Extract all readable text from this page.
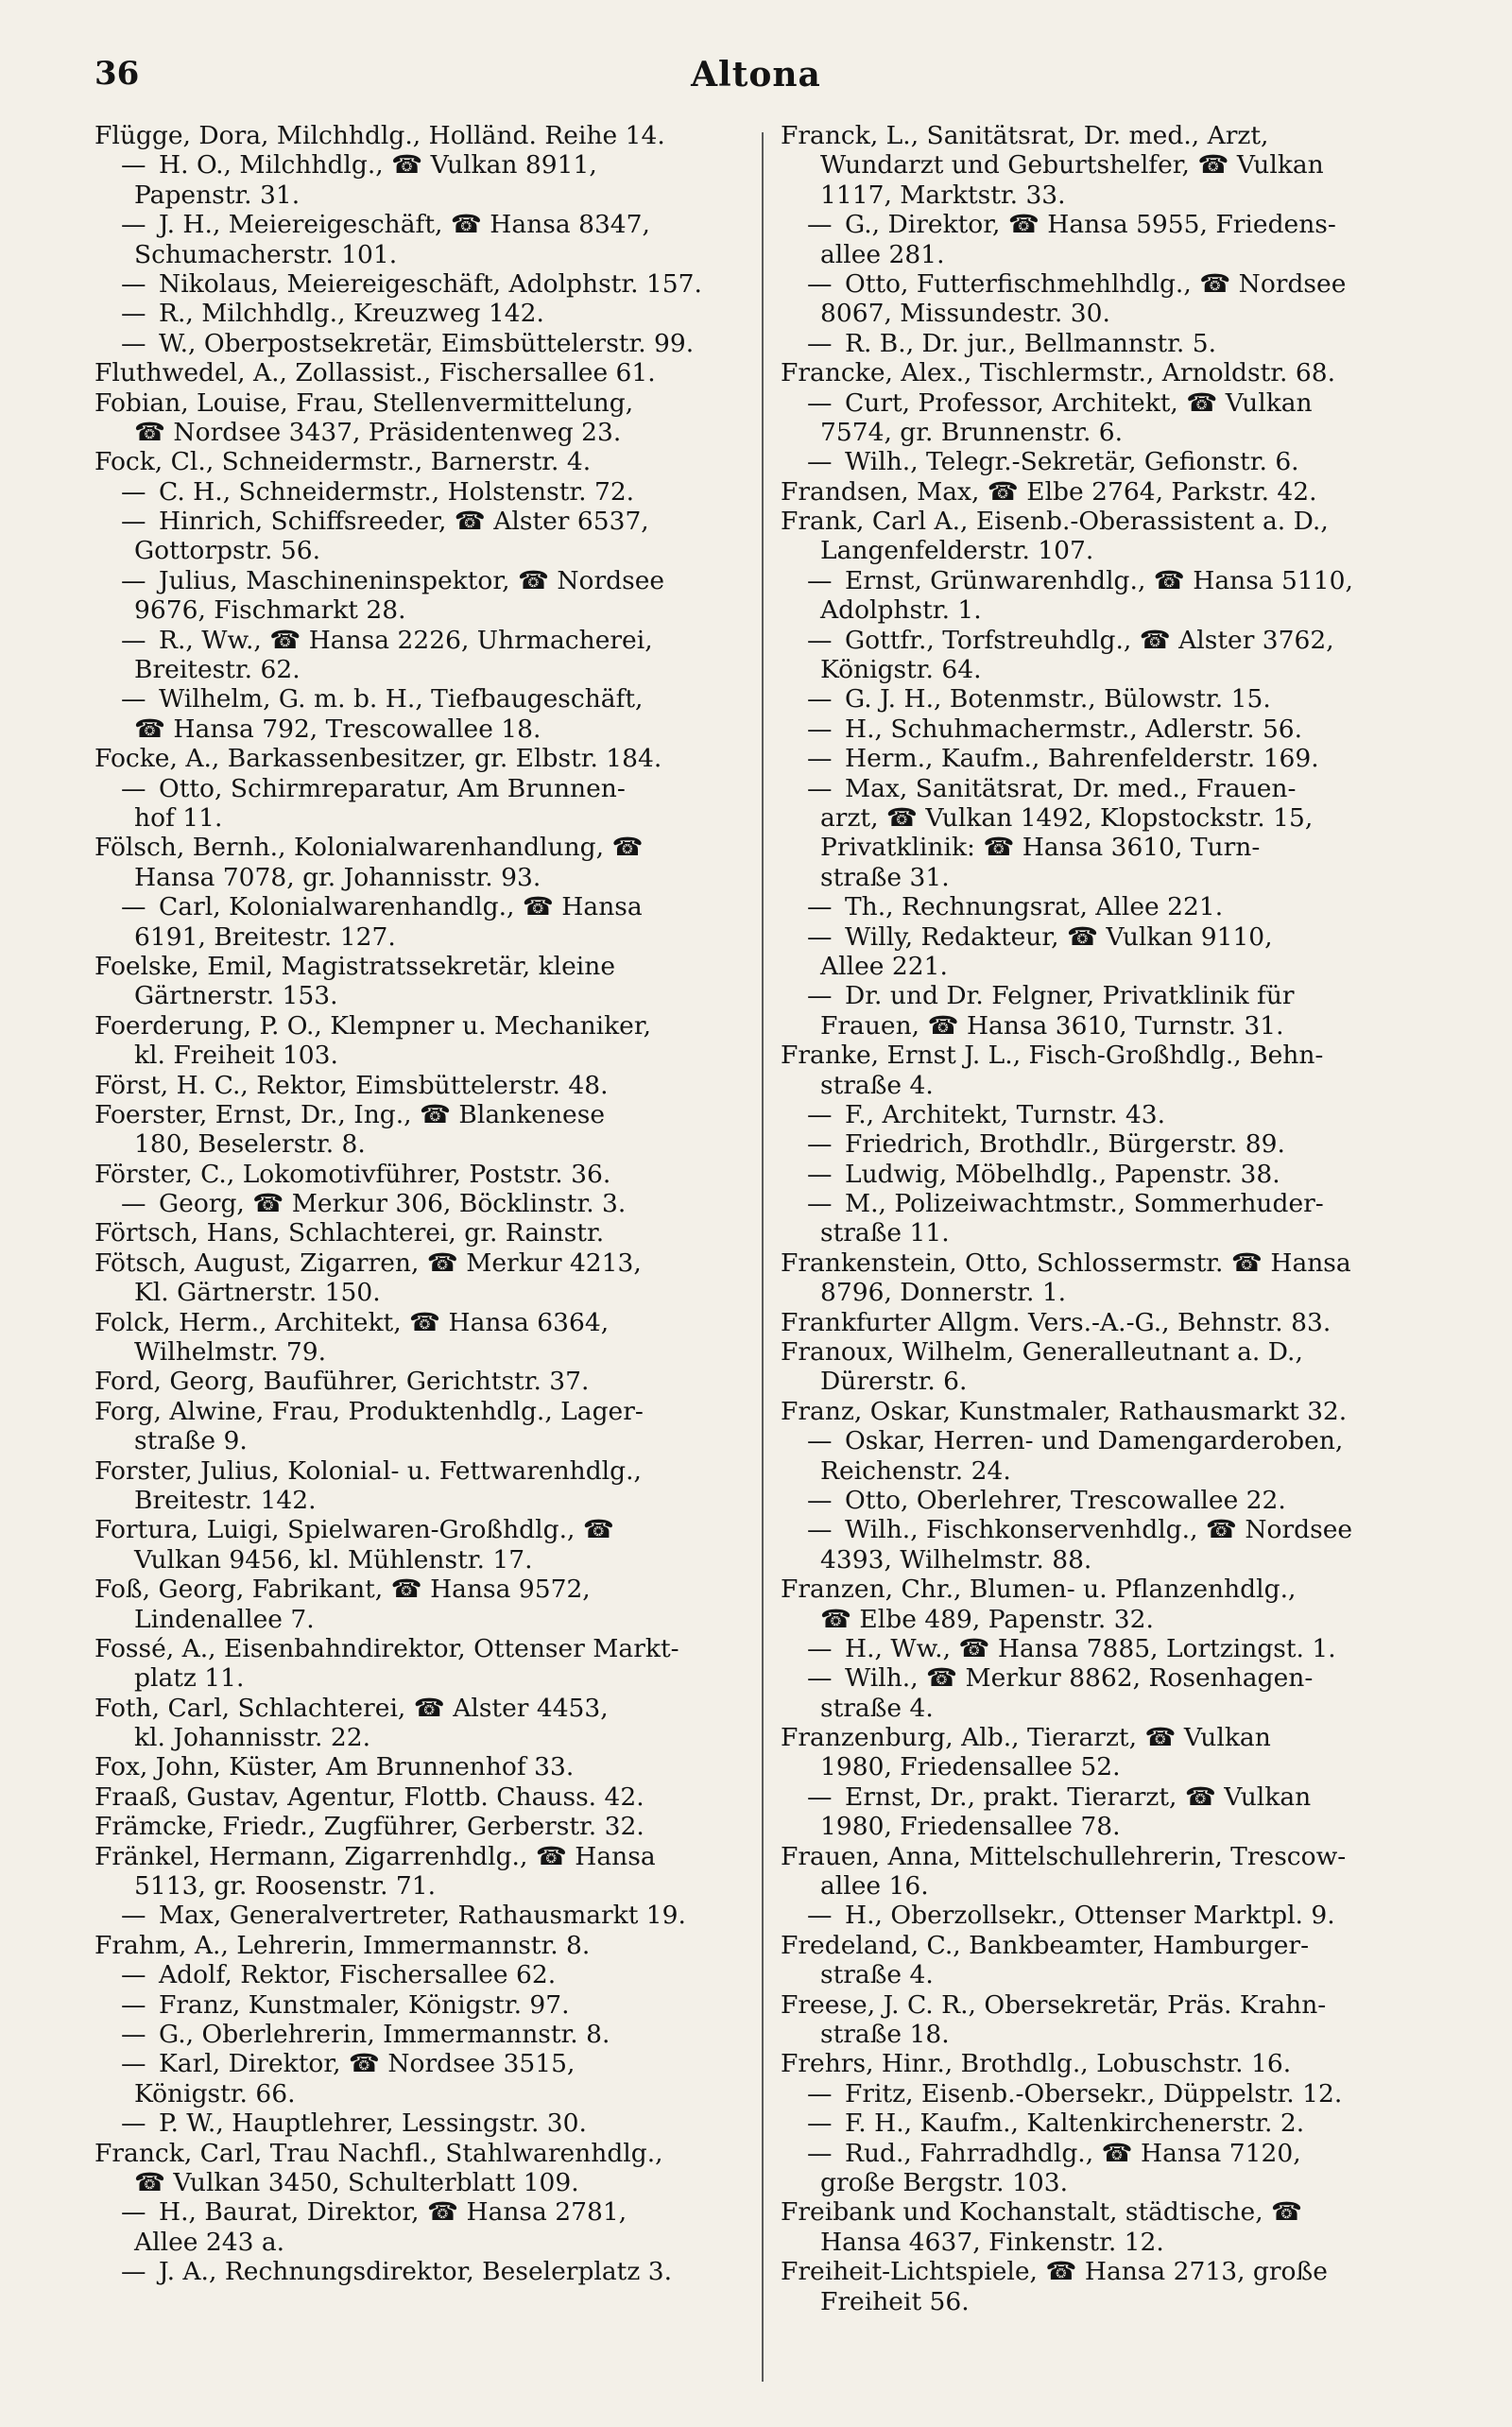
36	Altona
Flügge, Dora, Milchhdlg., Holländ. Reihe 14.
—H. O., Milchhdlg., ☎ Vulkan 8911,
Papenstr. 31.
—J. H., Meiereigeschäft, ☎ Hansa 8347,
Schumacherstr. 101.
—Nikolaus, Meiereigeschäft, Adolphstr. 157.
—R., Milchhdlg., Kreuzweg 142.
—W., Oberpostsekretär, Eimsbüttelerstr. 99.
Fluthwedel, A., Zollassist., Fischersallee 61.
Fobian, Louise, Frau, Stellenvermittelung,
☎ Nordsee 3437, Präsidentenweg 23.
Fock, Cl., Schneidermstr., Barnerstr. 4.
—C. H., Schneidermstr., Holstenstr. 72.
—Hinrich, Schiffsreeder, ☎ Alster 6537,
Gottorpstr. 56.
—Julius, Maschineninspektor, ☎ Nordsee
9676, Fischmarkt 28.
—R., Ww., ☎ Hansa 2226, Uhrmacherei,
Breitestr. 62.
—Wilhelm, G. m. b. H., Tiefbaugeschäft,
☎ Hansa 792, Trescowallee 18.
Focke, A., Barkassenbesitzer, gr. Elbstr. 184.
—Otto, Schirmreparatur, Am Brunnen-
hof 11.
Fölsch, Bernh., Kolonialwarenhandlung, ☎
Hansa 7078, gr. Johannisstr. 93.
—Carl, Kolonialwarenhandlg., ☎ Hansa
6191, Breitestr. 127.
Foelske, Emil, Magistratssekretär, kleine
Gärtnerstr. 153.
Foerderung, P. O., Klempner u. Mechaniker,
kl. Freiheit 103.
Först, H. C., Rektor, Eimsbüttelerstr. 48.
Foerster, Ernst, Dr., Ing., ☎ Blankenese
180, Beselerstr. 8.
Förster, C., Lokomotivführer, Poststr. 36.
—Georg, ☎ Merkur 306, Böcklinstr. 3.
Förtsch, Hans, Schlachterei, gr. Rainstr.
Fötsch, August, Zigarren, ☎ Merkur 4213,
Kl. Gärtnerstr. 150.
Folck, Herm., Architekt, ☎ Hansa 6364,
Wilhelmstr. 79.
Ford, Georg, Bauführer, Gerichtstr. 37.
Forg, Alwine, Frau, Produktenhdlg., Lager-
straße 9.
Forster, Julius, Kolonial- u. Fettwarenhdlg.,
Breitestr. 142.
Fortura, Luigi, Spielwaren-Großhdlg., ☎
Vulkan 9456, kl. Mühlenstr. 17.
Foß, Georg, Fabrikant, ☎ Hansa 9572,
Lindenallee 7.
Fossé, A., Eisenbahndirektor, Ottenser Markt-
platz 11.
Foth, Carl, Schlachterei, ☎ Alster 4453,
kl. Johannisstr. 22.
Fox, John, Küster, Am Brunnenhof 33.
Fraaß, Gustav, Agentur, Flottb. Chauss. 42.
Främcke, Friedr., Zugführer, Gerberstr. 32.
Fränkel, Hermann, Zigarrenhdlg., ☎ Hansa
5113, gr. Roosenstr. 71.
—Max, Generalvertreter, Rathausmarkt 19.
Frahm, A., Lehrerin, Immermannstr. 8.
—Adolf, Rektor, Fischersallee 62.
—Franz, Kunstmaler, Königstr. 97.
—G., Oberlehrerin, Immermannstr. 8.
—Karl, Direktor, ☎ Nordsee 3515,
Königstr. 66.
—P. W., Hauptlehrer, Lessingstr. 30.
Franck, Carl, Trau Nachfl., Stahlwarenhdlg.,
☎ Vulkan 3450, Schulterblatt 109.
—H., Baurat, Direktor, ☎ Hansa 2781,
Allee 243 a.
—J. A., Rechnungsdirektor, Beselerplatz 3.
Franck, L., Sanitätsrat, Dr. med., Arzt,
Wundarzt und Geburtshelfer, ☎ Vulkan
1117, Marktstr. 33.
—G., Direktor, ☎ Hansa 5955, Friedens-
allee 281.
—Otto, Futterfischmehlhdlg., ☎ Nordsee
8067, Missundestr. 30.
—R. B., Dr. jur., Bellmannstr. 5.
Francke, Alex., Tischlermstr., Arnoldstr. 68.
—Curt, Professor, Architekt, ☎ Vulkan
7574, gr. Brunnenstr. 6.
—Wilh., Telegr.-Sekretär, Gefionstr. 6.
Frandsen, Max, ☎ Elbe 2764, Parkstr. 42.
Frank, Carl A., Eisenb.-Oberassistent a. D.,
Langenfelderstr. 107.
—Ernst, Grünwarenhdlg., ☎ Hansa 5110,
Adolphstr. 1.
—Gottfr., Torfstreuhdlg., ☎ Alster 3762,
Königstr. 64.
—G. J. H., Botenmstr., Bülowstr. 15.
—H., Schuhmachermstr., Adlerstr. 56.
—Herm., Kaufm., Bahrenfelderstr. 169.
—Max, Sanitätsrat, Dr. med., Frauen-
arzt, ☎ Vulkan 1492, Klopstockstr. 15,
Privatklinik: ☎ Hansa 3610, Turn-
straße 31.
—Th., Rechnungsrat, Allee 221.
—Willy, Redakteur, ☎ Vulkan 9110,
Allee 221.
—Dr. und Dr. Felgner, Privatklinik für
Frauen, ☎ Hansa 3610, Turnstr. 31.
Franke, Ernst J. L., Fisch-Großhdlg., Behn-
straße 4.
—F., Architekt, Turnstr. 43.
—Friedrich, Brothdlr., Bürgerstr. 89.
—Ludwig, Möbelhdlg., Papenstr. 38.
—M., Polizeiwachtmstr., Sommerhuder-
straße 11.
Frankenstein, Otto, Schlossermstr. ☎ Hansa
8796, Donnerstr. 1.
Frankfurter Allgm. Vers.-A.-G., Behnstr. 83.
Franoux, Wilhelm, Generalleutnant a. D.,
Dürerstr. 6.
Franz, Oskar, Kunstmaler, Rathausmarkt 32.
—Oskar, Herren- und Damengarderoben,
Reichenstr. 24.
—Otto, Oberlehrer, Trescowallee 22.
—Wilh., Fischkonservenhdlg., ☎ Nordsee
4393, Wilhelmstr. 88.
Franzen, Chr., Blumen- u. Pflanzenhdlg.,
☎ Elbe 489, Papenstr. 32.
—H., Ww., ☎ Hansa 7885, Lortzingst. 1.
—Wilh., ☎ Merkur 8862, Rosenhagen-
straße 4.
Franzenburg, Alb., Tierarzt, ☎ Vulkan
1980, Friedensallee 52.
—Ernst, Dr., prakt. Tierarzt, ☎ Vulkan
1980, Friedensallee 78.
Frauen, Anna, Mittelschullehrerin, Trescow-
allee 16.
—H., Oberzollsekr., Ottenser Marktpl. 9.
Fredeland, C., Bankbeamter, Hamburger-
straße 4.
Freese, J. C. R., Obersekretär, Präs. Krahn-
straße 18.
Frehrs, Hinr., Brothdlg., Lobuschstr. 16.
—Fritz, Eisenb.-Obersekr., Düppelstr. 12.
—F. H., Kaufm., Kaltenkirchenerstr. 2.
—Rud., Fahrradhdlg., ☎ Hansa 7120,
große Bergstr. 103.
Freibank und Kochanstalt, städtische, ☎
Hansa 4637, Finkenstr. 12.
Freiheit-Lichtspiele, ☎ Hansa 2713, große
Freiheit 56.
